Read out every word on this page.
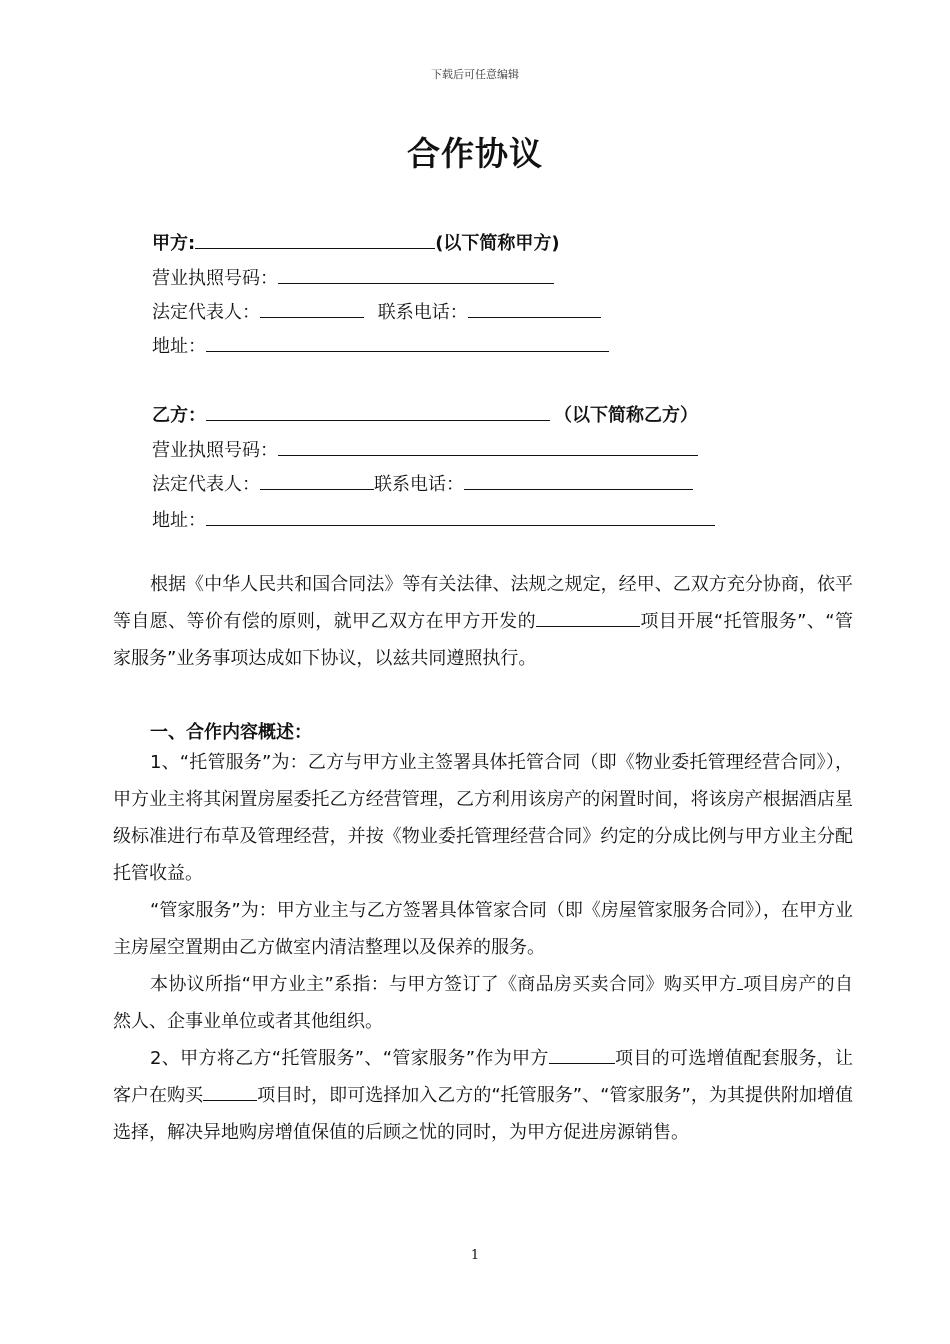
下载后可任意编辑
合作协议
甲方:	(以下简称甲方)
营业执照号码：
法定代表人：	联系电话：
地址：
乙方：	（以下简称乙方）
营业执照号码：
法定代表人：	联系电话：
地址：

根据《中华人民共和国合同法》等有关法律、法规之规定，经甲、乙双方充分协商，依平等自愿、等价有偿的原则，就甲乙双方在甲方开发的	项目开展“托管服务”、“管家服务”业务事项达成如下协议，以兹共同遵照执行。

一、合作内容概述：

1、“托管服务”为：乙方与甲方业主签署具体托管合同（即《物业委托管理经营合同》），甲方业主将其闲置房屋委托乙方经营管理，乙方利用该房产的闲置时间，将该房产根据酒店星级标准进行布草及管理经营，并按《物业委托管理经营合同》约定的分成比例与甲方业主分配托管收益。

“管家服务”为：甲方业主与乙方签署具体管家合同（即《房屋管家服务合同》），在甲方业主房屋空置期由乙方做室内清洁整理以及保养的服务。

本协议所指“甲方业主”系指：与甲方签订了《商品房买卖合同》购买甲方 项目房产的自然人、企事业单位或者其他组织。

2、甲方将乙方“托管服务”、“管家服务”作为甲方	项目的可选增值配套服务，让客户在购买	项目时，即可选择加入乙方的“托管服务”、“管家服务”，为其提供附加增值选择，解决异地购房增值保值的后顾之忧的同时，为甲方促进房源销售。

1
